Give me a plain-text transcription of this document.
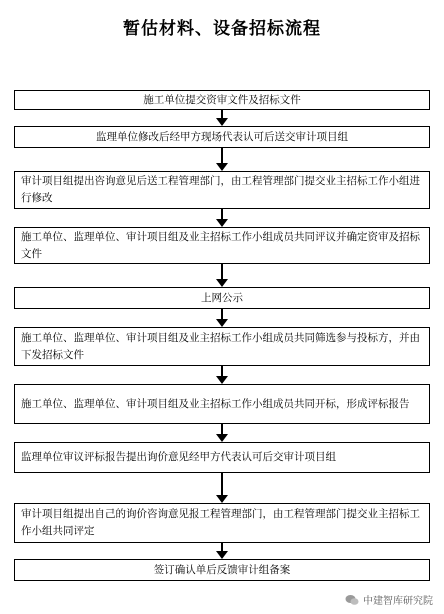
暂估材料、设备招标流程
施工单位提交资审文件及招标文件
监理单位修改后经甲方现场代表认可后送交审计项目组
审计项目组提出咨询意见后送工程管理部门，由工程管理部门提交业主招标工作小组进行修改
施工单位、监理单位、审计项目组及业主招标工作小组成员共同评议并确定资审及招标文件
上网公示
施工单位、监理单位、审计项目组及业主招标工作小组成员共同筛选参与投标方，并由下发招标文件
施工单位、监理单位、审计项目组及业主招标工作小组成员共同开标，形成评标报告
监理单位审议评标报告提出询价意见经甲方代表认可后交审计项目组
审计项目组提出自己的询价咨询意见报工程管理部门，由工程管理部门提交业主招标工作小组共同评定
签订确认单后反馈审计组备案
中建智库研究院
